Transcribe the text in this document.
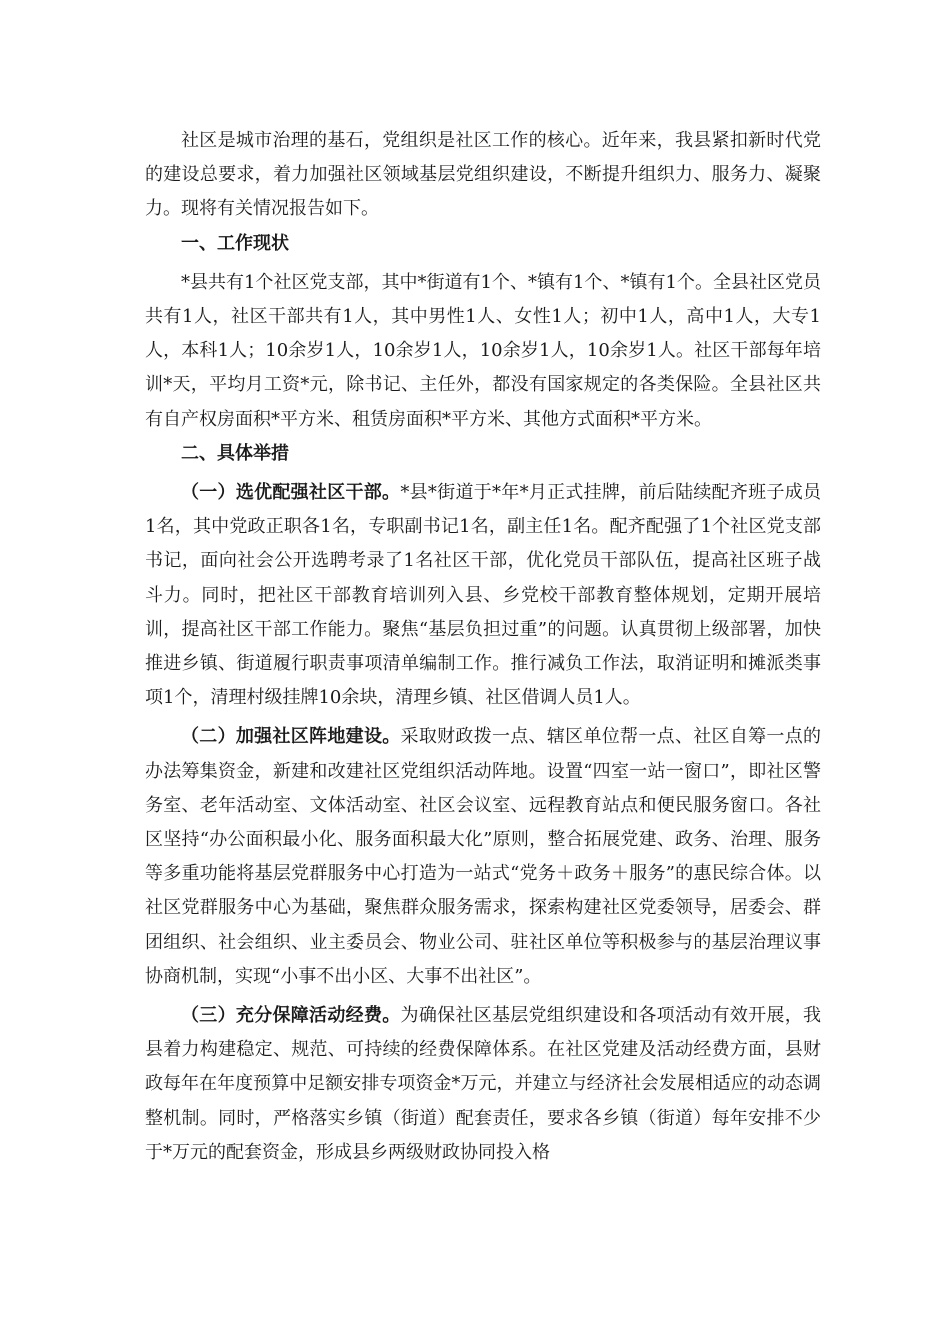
社区是城市治理的基石，党组织是社区工作的核心。近年来，我县紧扣新时代党的建设总要求，着力加强社区领域基层党组织建设，不断提升组织力、服务力、凝聚力。现将有关情况报告如下。

一、工作现状

*县共有1个社区党支部，其中*街道有1个、*镇有1个、*镇有1个。全县社区党员共有1人，社区干部共有1人，其中男性1人、女性1人；初中1人，高中1人，大专1人，本科1人；10余岁1人，10余岁1人，10余岁1人，10余岁1人。社区干部每年培训*天，平均月工资*元，除书记、主任外，都没有国家规定的各类保险。全县社区共有自产权房面积*平方米、租赁房面积*平方米、其他方式面积*平方米。

二、具体举措

（一）选优配强社区干部。*县*街道于*年*月正式挂牌，前后陆续配齐班子成员1名，其中党政正职各1名，专职副书记1名，副主任1名。配齐配强了1个社区党支部书记，面向社会公开选聘考录了1名社区干部，优化党员干部队伍，提高社区班子战斗力。同时，把社区干部教育培训列入县、乡党校干部教育整体规划，定期开展培训，提高社区干部工作能力。聚焦“基层负担过重”的问题。认真贯彻上级部署，加快推进乡镇、街道履行职责事项清单编制工作。推行减负工作法，取消证明和摊派类事项1个，清理村级挂牌10余块，清理乡镇、社区借调人员1人。

（二）加强社区阵地建设。采取财政拨一点、辖区单位帮一点、社区自筹一点的办法筹集资金，新建和改建社区党组织活动阵地。设置“四室一站一窗口”，即社区警务室、老年活动室、文体活动室、社区会议室、远程教育站点和便民服务窗口。各社区坚持“办公面积最小化、服务面积最大化”原则，整合拓展党建、政务、治理、服务等多重功能将基层党群服务中心打造为一站式“党务＋政务＋服务”的惠民综合体。以社区党群服务中心为基础，聚焦群众服务需求，探索构建社区党委领导，居委会、群团组织、社会组织、业主委员会、物业公司、驻社区单位等积极参与的基层治理议事协商机制，实现“小事不出小区、大事不出社区”。

（三）充分保障活动经费。为确保社区基层党组织建设和各项活动有效开展，我县着力构建稳定、规范、可持续的经费保障体系。在社区党建及活动经费方面，县财政每年在年度预算中足额安排专项资金*万元，并建立与经济社会发展相适应的动态调整机制。同时，严格落实乡镇（街道）配套责任，要求各乡镇（街道）每年安排不少于*万元的配套资金，形成县乡两级财政协同投入格
